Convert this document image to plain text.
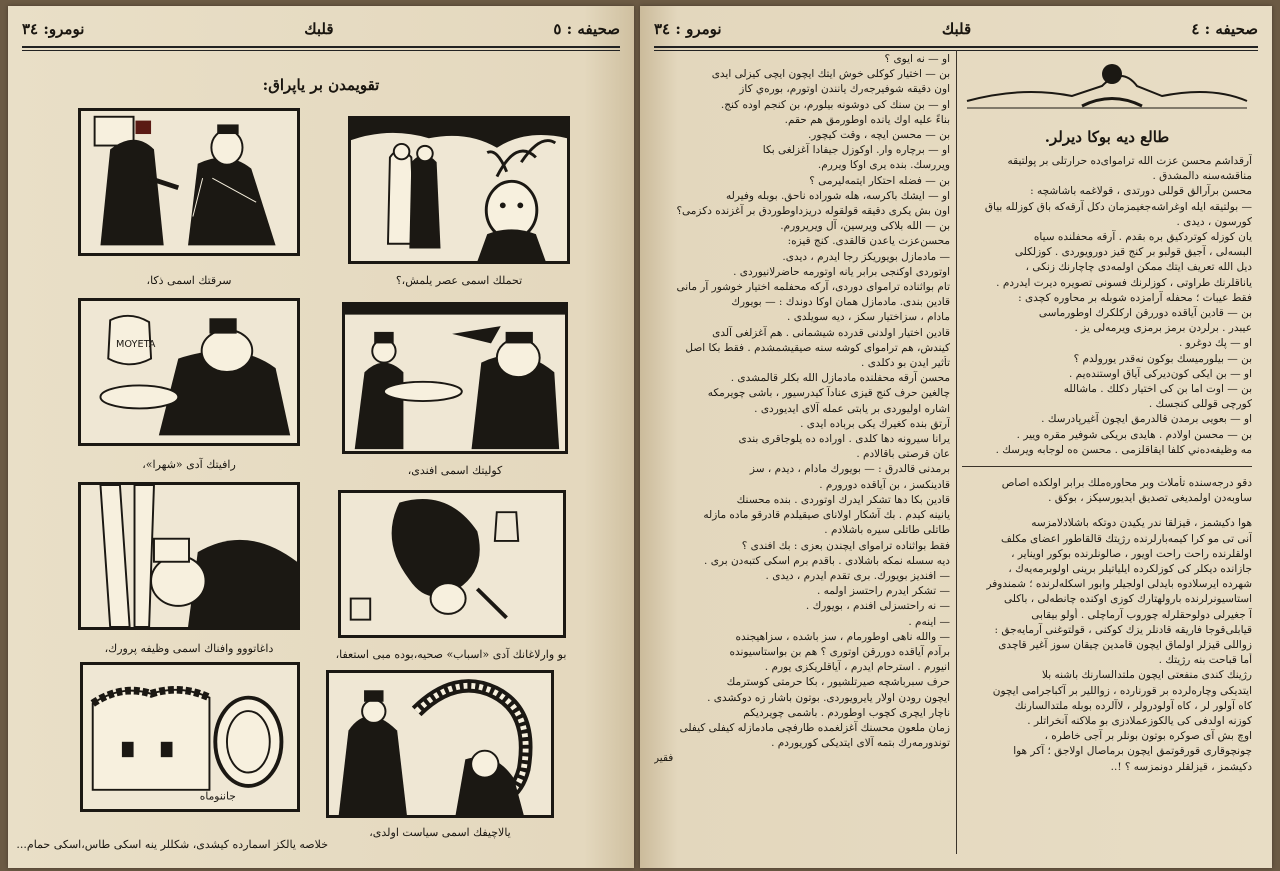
صحيفه : ٥
قلبك
نومرو: ٣٤
تقويمدن بر ياپراق:
تحملك اسمى عصر يلمش،؟
سرقتك اسمى ذكا،
MOYETA
كوليتك اسمى افندى،
رافيتك آدى «شهرا»،
بو وارلاغانك آدى «اسباب» صحيه،بوده مبى استعفا،
داغاتووو وافناك اسمى وظيفه پرورك،
جاننوماه
يالاچيفك اسمى سياست اولدى،
خلاصه يالكز اسمارده كيشدى، شكللر ينه اسكى طاس،اسكى حمام...
صحيفه : ٤
قلبك
نومرو : ٣٤
طالع ديه بوكا ديرلر.
آرقداشم محسن عزت الله ترامواى‌ده حرارتلى بر پولتيقه
مناقشه‌سنه دالمشدق .
محسن برآرالق قوللى دورتدى ، قولاغمه باشاشچه :
— بولتيقه ايله اوغراشه‌جغيمزمان دكل آرقه‌كه باق كوزلله بياق
كورسون ، ديدى .
يان كوزله كوتردكيق بره بقدم . آرقه محفلنده سياه
البسه‌لى ، آجيق قولبو بر كنج قيز دورويوردى . كوزلكلى
ديل الله تعريف ايتك ممكن اولمه‌دى چاچارنك زنكى ،
ياناقلرنك طراوتى ، كوزلرنك فسونى تصويره ديرت ايدردم .
فقط عيبات ؛ محفله آرامزده شوبله بر محاوره كچدى :
بن — قادين آياقده دوررقن اركلكرك اوطورماسى
عيبدر . برلردن برمز برمزى ويرمه‌لى يز .
او — پك دوغرو .
بن — بيلورميسك بوكون نه‌قدر يورولدم ؟
او — بن ايكى كون‌دير‌كى آياق اوستنده‌يم .
بن — اوت اما بن كى اختيار دكلك . ماشالله
كورچى قوللى كنجسك .
او — بعويى برمدن قالدرمق ايچون آغيرپادرسك .
بن — محسن اولادم . هايدى بريكى شوفير مقره ويير .
مه وظيفه‌ده‌ني كلفا ايقاقلزمى . محسن ‌ه‌ه‌ لوجابه ويرسك .
دقو درجه‌سنده تأملات وبر محاوره‌ملك برابر اولكده اصاص
ساوبه‌دن اولمديغى تصديق ايديورسيكز ، بوكق .
هوا دكيشمز ، قيزلقا ندر يكيدن دوتكه باشلادلامزسه
آنى تى مو كرا كيمه‌بارلرنده رژيتك قالقاطور اعضاى مكلف
اولقلرنده راحت راحت اويور ، صالونلرنده بوكور اويناير ،
جازانده ديكلر كى كوزلكرده ايلياتيلر برينى اولوبرمه‌يه‌ك ،
شهرده ايرسلادوه‌ بايدلى اولجيلر وابور اسكله‌لرنده ؛ شمندوفر
استاسيونرلرنده بارولهتارك كوزى اوكنده چانطه‌لى ، باكلى
آ جغيرلى دولوحقلرله چوروب آرماچلى . أولو بيقابى
قيابلى‌قوجا فاريقه‌ قادنلر يزك كوكنى ، قولتوغنى آرمايه‌جق :
زواللى قيزلر اولماق ايچون قامدين چيقان سوز آغير قاچدى
أما قباحت بنه رژيتك .
رژينك كندى منفعتى ايچون ملتدالسارنك باشنه بلا
ايتديكى وچاره‌لرده بر قورنارده ، زواللير بر آكباجرامى ايچون
كاه آولور لر ، كاه آولودرولر ، لاآلرده بوبله ملتدالسارنك
كوزنه اولدفى كى يالكوزعملادزى بو ملاكنه آنخراتلر .
اوچ بش آى صوكره بوتون بونلر بر آجى خاطره ،
چونچوقارى قورقوتمق ايچون برماصال اولاجق ؛ آكر هوا
دكيشمز ، قيزلقلر دونمزسه ؟ !..
او — نه ايوى ؟
بن — اختيار كوكلى خوش ايتك ايچون ايچى كيزلى ايدى
اون دقيقه شوفيرجه‌رك يانندن اوتورم، بوره‌ي كاز
او — بن سنك كى دوشونه بيلورم، بن كنجم اوده كنج.
بناءً عليه اوك يانده اوطورمق هم حقم.
بن — محسن ايچه ، وقت كيچور.
او — برچاره وار. اوكوزل جيفادا آغزلغى بكا
ويررسك. بنده يرى اوكا ويررم.
بن — فضله احتكار ايتمه‌ليرمى ؟
او — ايشك باكرسه، هله شوراده ناحق. بوبله وفيرله
اون بش يكرى دقيقه قولقوله دريزداوطوردق بر آغزنده دكزمى؟
بن — الله بلاكى ويرسين، آل ويريرورم.
محسن‌عزت ياعدن قالقدى. كنج قيزه:
— مادمازل بويوريكز رجا ايدرم ، ديدى.
اوتوردى اوكنجى برابر يانه اوتورمه حاضرلانيوردى .
تام بواثناده ترامواى دوردى، آركه محفلمه اختيار خوشور آر مانى
قادين بندى. مادمازل همان اوكا دوندك : — بويورك
مادام ، سزاختيار سكز ، ديه سويلدى .
قادين اختيار اولدنى قدرده شيشمانى . هم آغزلغى آلدى
كيندش، هم ترامواى كوشه سنه صيقيشمشدم . فقط بكا اصل
تأثير ايدن بو دكلدى .
محسن آرقه محفلنده مادمازل الله بكلر قالمشدى .
چالغين حرف كنج قيزى عنادآ كيدرسيور ، باشى چويرمكه
اشاره اوليوردى بر يابتى عمله آلاى ايديوردى .
آرتق بنده كغيرك يكى برباده ايدى .
يرانا سيرونه دها كلدى . اوراده ده يلوجاقرى بندى
عان قرصتى باقالادم .
برمدنى قالدرق : — بويورك مادام ، ديدم ، سز
قادينكسز ، بن آياقده دورورم .
قادين بكا دها تشكر ايدرك اوتوردى . بنده محسنك
يانينه كيدم . بك آشكار اولاناى صيقيلدم قادرقو ماده مازله
طاتلى طاتلى سيره باشلادم .
فقط بواثناده ترامواى ايچندن بعزى : بك افندى ؟
ديه سسله نمكه باشلادى . باقدم برم اسكى كتبه‌دن برى .
— افنديز بويورك. برى تقدم ايدرم ، ديدى .
— تشكر ايدرم راحتسز اولمه .
— نه راحتسزلى افندم ، بويورك .
— اينه‌م .
— والله ناهى اوطورمام ، سز باشده ، سزاهيجنده
برآدم آياقده دوررقن اوتورى ؟ هم بن بواستاسيونده
انيورم . استرحام ايدرم ، آياقلريكزى يورم .
حرف سبرباشچه صيرتلشيور ، بكا حرمتى كوسترمك
ايچون رودن اولار يايرويوردى. بوتون باشار زه دوكشدى .
ناچار ايچرى كچوب اوطوردم . باشمى چويرديكم
زمان ملعون محسنك آغزلغمده طارفچى مادمازله كيفلى كيفلى
توندورمه‌رك بتمه آلاى ايتديكى كوريوردم .
فقير
